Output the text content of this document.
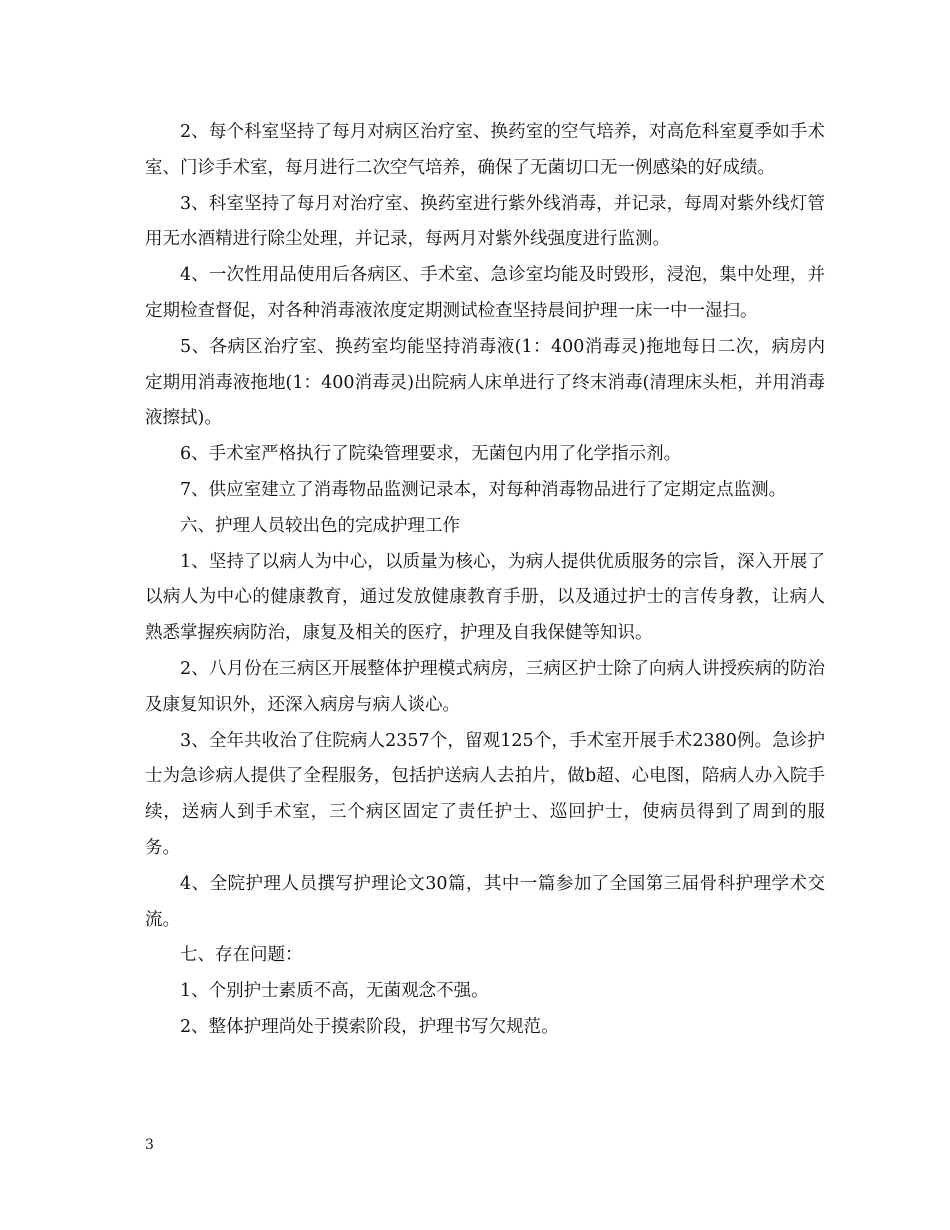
2、每个科室坚持了每月对病区治疗室、换药室的空气培养，对高危科室夏季如手术室、门诊手术室，每月进行二次空气培养，确保了无菌切口无一例感染的好成绩。

3、科室坚持了每月对治疗室、换药室进行紫外线消毒，并记录，每周对紫外线灯管用无水酒精进行除尘处理，并记录，每两月对紫外线强度进行监测。

4、一次性用品使用后各病区、手术室、急诊室均能及时毁形，浸泡，集中处理，并定期检查督促，对各种消毒液浓度定期测试检查坚持晨间护理一床一中一湿扫。

5、各病区治疗室、换药室均能坚持消毒液(1：400消毒灵)拖地每日二次，病房内定期用消毒液拖地(1：400消毒灵)出院病人床单进行了终末消毒(清理床头柜，并用消毒液擦拭)。

6、手术室严格执行了院染管理要求，无菌包内用了化学指示剂。

7、供应室建立了消毒物品监测记录本，对每种消毒物品进行了定期定点监测。

六、护理人员较出色的完成护理工作

1、坚持了以病人为中心，以质量为核心，为病人提供优质服务的宗旨，深入开展了以病人为中心的健康教育，通过发放健康教育手册，以及通过护士的言传身教，让病人熟悉掌握疾病防治，康复及相关的医疗，护理及自我保健等知识。

2、八月份在三病区开展整体护理模式病房，三病区护士除了向病人讲授疾病的防治及康复知识外，还深入病房与病人谈心。

3、全年共收治了住院病人2357个，留观125个，手术室开展手术2380例。急诊护士为急诊病人提供了全程服务，包括护送病人去拍片，做b超、心电图，陪病人办入院手续，送病人到手术室，三个病区固定了责任护士、巡回护士，使病员得到了周到的服务。

4、全院护理人员撰写护理论文30篇，其中一篇参加了全国第三届骨科护理学术交流。

七、存在问题：

1、个别护士素质不高，无菌观念不强。

2、整体护理尚处于摸索阶段，护理书写欠规范。

3
